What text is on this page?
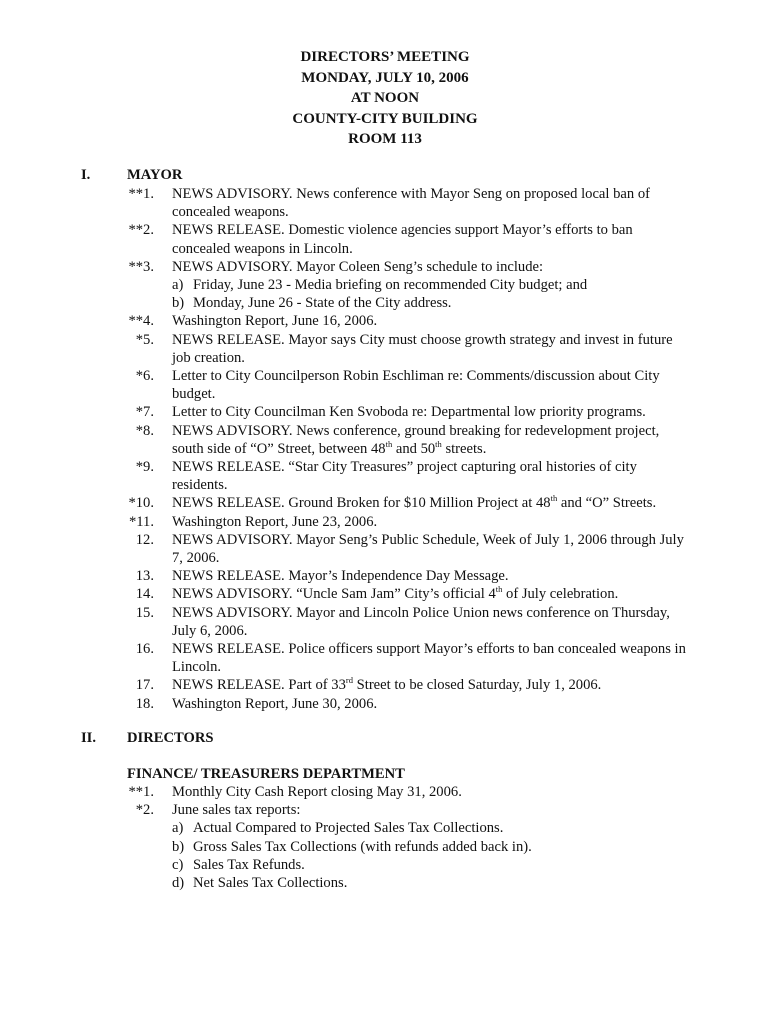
DIRECTORS’ MEETING
MONDAY, JULY 10, 2006
AT NOON
COUNTY-CITY BUILDING
ROOM 113
I.	MAYOR
**1. NEWS ADVISORY. News conference with Mayor Seng on proposed local ban of concealed weapons.
**2. NEWS RELEASE. Domestic violence agencies support Mayor’s efforts to ban concealed weapons in Lincoln.
**3. NEWS ADVISORY. Mayor Coleen Seng’s schedule to include:
a) Friday, June 23 - Media briefing on recommended City budget; and
b) Monday, June 26 - State of the City address.
**4. Washington Report, June 16, 2006.
*5. NEWS RELEASE. Mayor says City must choose growth strategy and invest in future job creation.
*6. Letter to City Councilperson Robin Eschliman re: Comments/discussion about City budget.
*7. Letter to City Councilman Ken Svoboda re: Departmental low priority programs.
*8. NEWS ADVISORY. News conference, ground breaking for redevelopment project, south side of “O” Street, between 48th and 50th streets.
*9. NEWS RELEASE. “Star City Treasures” project capturing oral histories of city residents.
*10. NEWS RELEASE. Ground Broken for $10 Million Project at 48th and “O” Streets.
*11. Washington Report, June 23, 2006.
12. NEWS ADVISORY. Mayor Seng’s Public Schedule, Week of July 1, 2006 through July 7, 2006.
13. NEWS RELEASE. Mayor’s Independence Day Message.
14. NEWS ADVISORY. “Uncle Sam Jam” City’s official 4th of July celebration.
15. NEWS ADVISORY. Mayor and Lincoln Police Union news conference on Thursday, July 6, 2006.
16. NEWS RELEASE. Police officers support Mayor’s efforts to ban concealed weapons in Lincoln.
17. NEWS RELEASE. Part of 33rd Street to be closed Saturday, July 1, 2006.
18. Washington Report, June 30, 2006.
II. DIRECTORS
FINANCE/ TREASURERS DEPARTMENT
**1. Monthly City Cash Report closing May 31, 2006.
*2. June sales tax reports:
a) Actual Compared to Projected Sales Tax Collections.
b) Gross Sales Tax Collections (with refunds added back in).
c) Sales Tax Refunds.
d) Net Sales Tax Collections.
